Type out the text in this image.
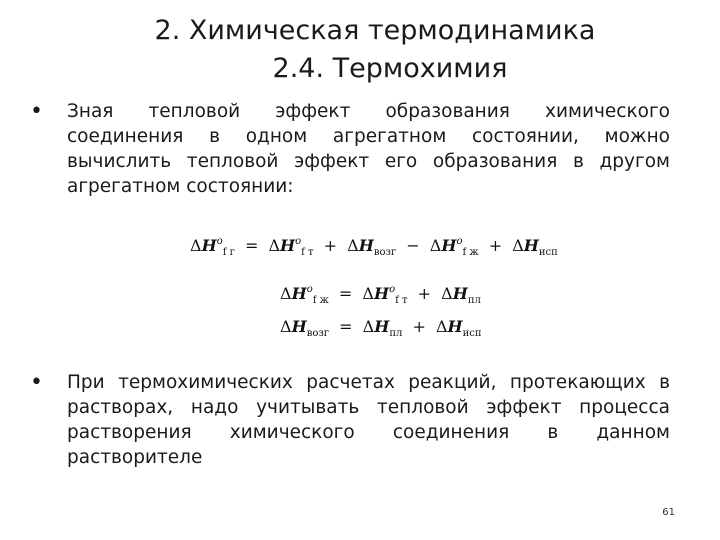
2. Химическая термодинамика
2.4. Термохимия
•	Зная тепловой эффект образования химического соединения в одном агрегатном состоянии, можно вычислить тепловой эффект его образования в другом агрегатном состоянии:
$\Delta H^o_{f г} = \Delta H^o_{f т} + \Delta H_{возг} - \Delta H^o_{f ж} + \Delta H_{исп}$
$\Delta H^o_{f ж} = \Delta H^o_{f т} + \Delta H_{пл}$
$\Delta H_{возг} = \Delta H_{пл} + \Delta H_{исп}$
•	При термохимических расчетах реакций, протекающих в растворах, надо учитывать тепловой эффект процесса растворения химического соединения в данном растворителе
61
